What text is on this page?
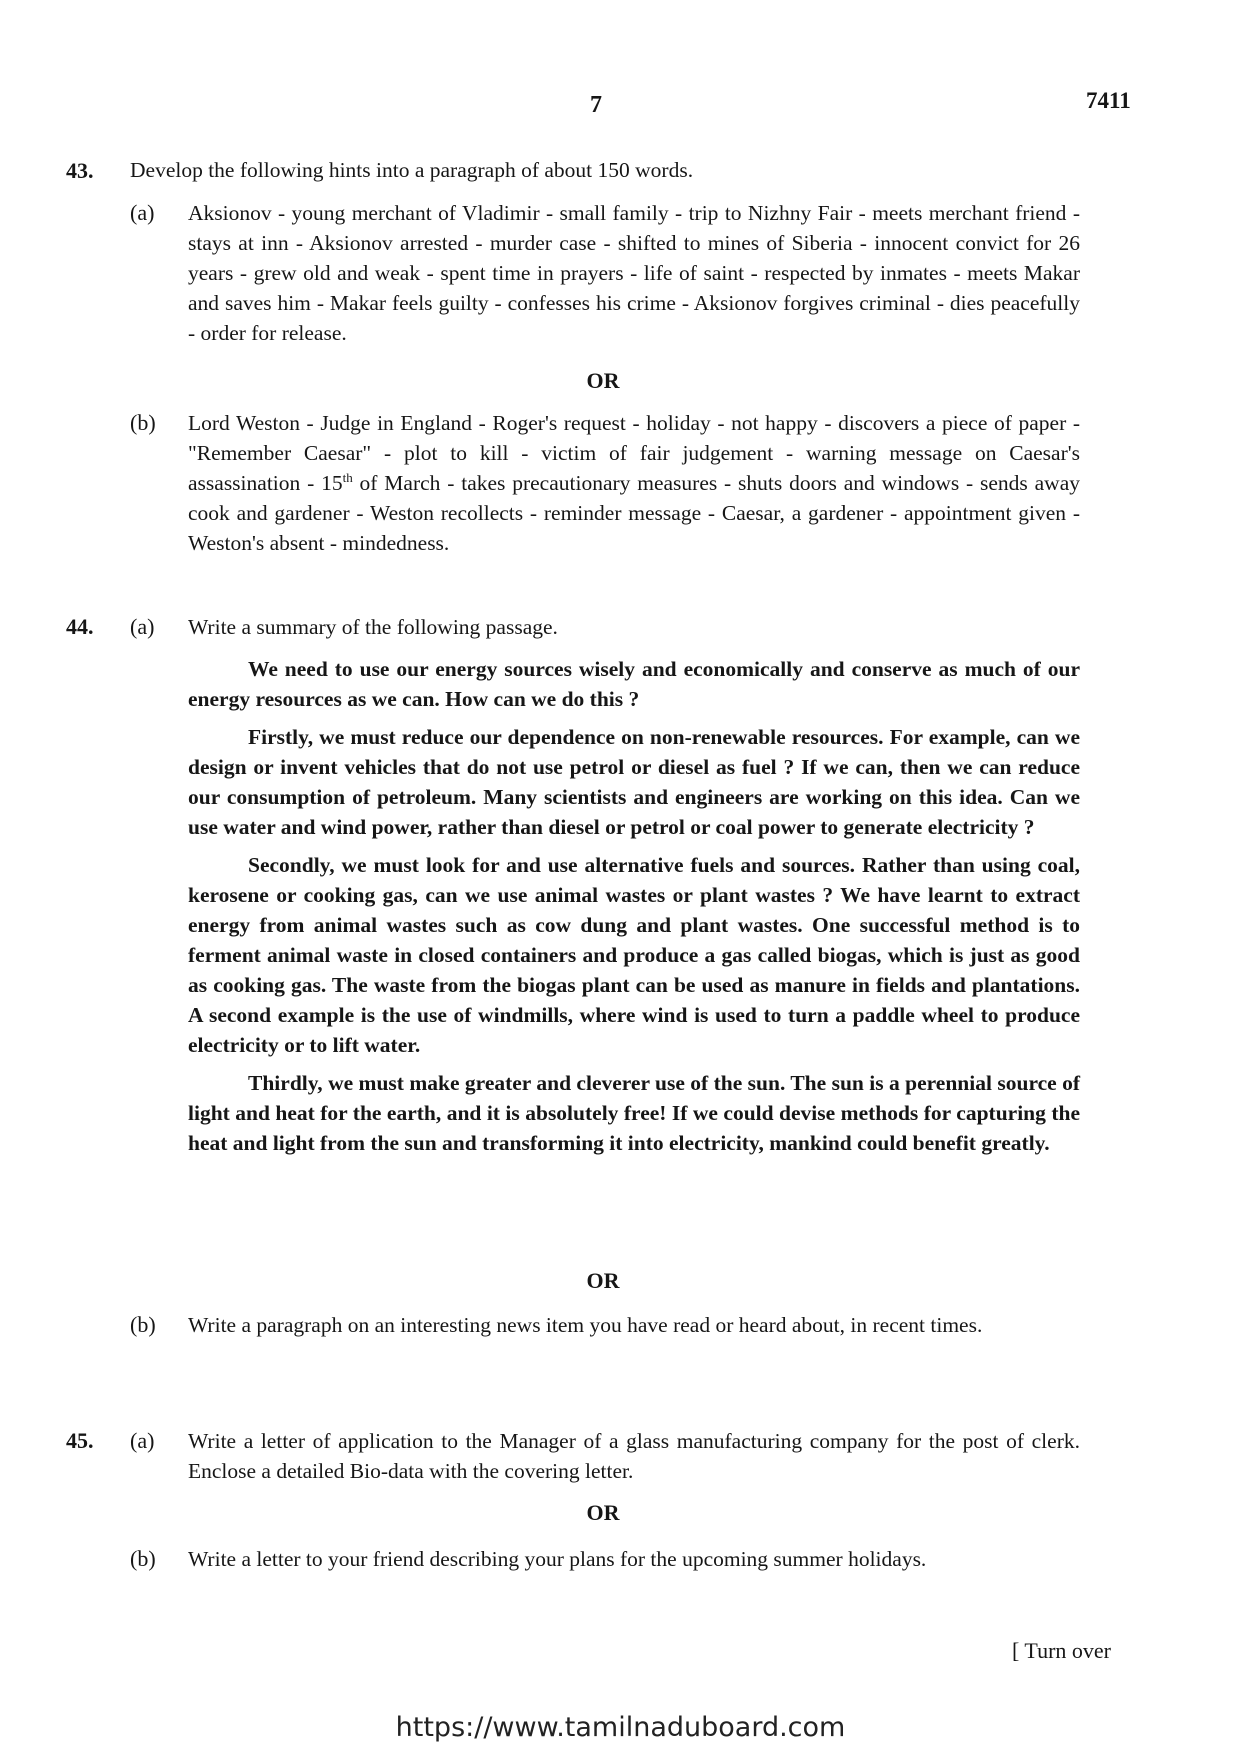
7	7411
43. Develop the following hints into a paragraph of about 150 words.

(a) Aksionov - young merchant of Vladimir - small family - trip to Nizhny Fair - meets merchant friend - stays at inn - Aksionov arrested - murder case - shifted to mines of Siberia - innocent convict for 26 years - grew old and weak - spent time in prayers - life of saint - respected by inmates - meets Makar and saves him - Makar feels guilty - confesses his crime - Aksionov forgives criminal - dies peacefully - order for release.

OR
(b) Lord Weston - Judge in England - Roger's request - holiday - not happy - discovers a piece of paper - "Remember Caesar" - plot to kill - victim of fair judgement - warning message on Caesar's assassination - 15th of March - takes precautionary measures - shuts doors and windows - sends away cook and gardener - Weston recollects - reminder message - Caesar, a gardener - appointment given - Weston's absent - mindedness.

44. (a) Write a summary of the following passage.

We need to use our energy sources wisely and economically and conserve as much of our energy resources as we can. How can we do this ?

Firstly, we must reduce our dependence on non-renewable resources. For example, can we design or invent vehicles that do not use petrol or diesel as fuel ? If we can, then we can reduce our consumption of petroleum. Many scientists and engineers are working on this idea. Can we use water and wind power, rather than diesel or petrol or coal power to generate electricity ?

Secondly, we must look for and use alternative fuels and sources. Rather than using coal, kerosene or cooking gas, can we use animal wastes or plant wastes ? We have learnt to extract energy from animal wastes such as cow dung and plant wastes. One successful method is to ferment animal waste in closed containers and produce a gas called biogas, which is just as good as cooking gas. The waste from the biogas plant can be used as manure in fields and plantations. A second example is the use of windmills, where wind is used to turn a paddle wheel to produce electricity or to lift water.

Thirdly, we must make greater and cleverer use of the sun. The sun is a perennial source of light and heat for the earth, and it is absolutely free! If we could devise methods for capturing the heat and light from the sun and transforming it into electricity, mankind could benefit greatly.

OR
(b) Write a paragraph on an interesting news item you have read or heard about, in recent times.

45. (a) Write a letter of application to the Manager of a glass manufacturing company for the post of clerk. Enclose a detailed Bio-data with the covering letter.

OR
(b) Write a letter to your friend describing your plans for the upcoming summer holidays.

[ Turn over
https://www.tamilnaduboard.com
